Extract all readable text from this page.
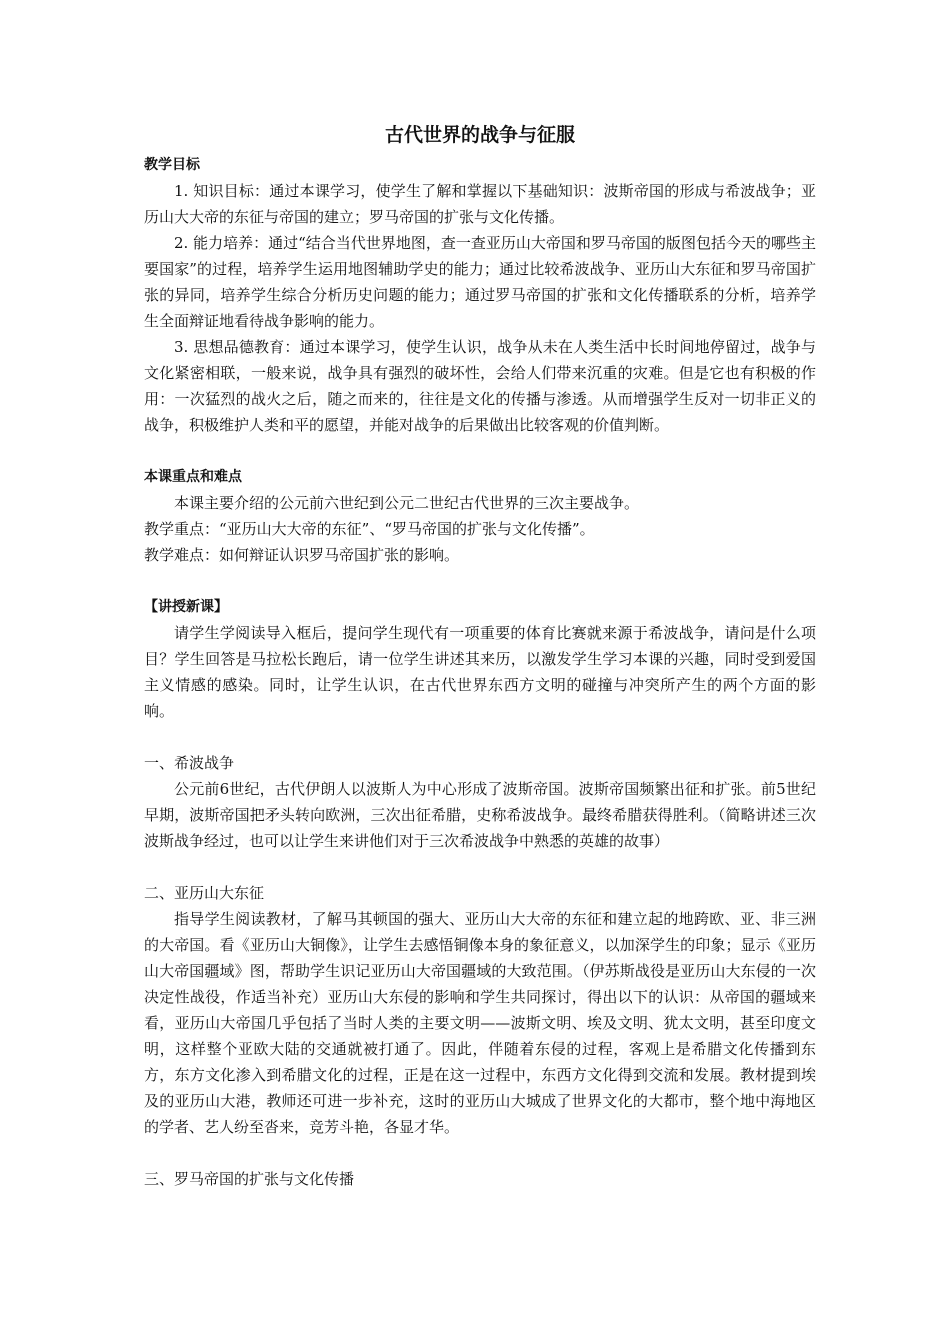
古代世界的战争与征服
教学目标

1. 知识目标：通过本课学习，使学生了解和掌握以下基础知识：波斯帝国的形成与希波战争；亚历山大大帝的东征与帝国的建立；罗马帝国的扩张与文化传播。

2. 能力培养：通过“结合当代世界地图，查一查亚历山大帝国和罗马帝国的版图包括今天的哪些主要国家”的过程，培养学生运用地图辅助学史的能力；通过比较希波战争、亚历山大东征和罗马帝国扩张的异同，培养学生综合分析历史问题的能力；通过罗马帝国的扩张和文化传播联系的分析，培养学生全面辩证地看待战争影响的能力。

3. 思想品德教育：通过本课学习，使学生认识，战争从未在人类生活中长时间地停留过，战争与文化紧密相联，一般来说，战争具有强烈的破坏性，会给人们带来沉重的灾难。但是它也有积极的作用：一次猛烈的战火之后，随之而来的，往往是文化的传播与渗透。从而增强学生反对一切非正义的战争，积极维护人类和平的愿望，并能对战争的后果做出比较客观的价值判断。

本课重点和难点

本课主要介绍的公元前六世纪到公元二世纪古代世界的三次主要战争。

教学重点：“亚历山大大帝的东征”、“罗马帝国的扩张与文化传播”。

教学难点：如何辩证认识罗马帝国扩张的影响。

【讲授新课】

请学生学阅读导入框后，提问学生现代有一项重要的体育比赛就来源于希波战争，请问是什么项目？学生回答是马拉松长跑后，请一位学生讲述其来历，以激发学生学习本课的兴趣，同时受到爱国主义情感的感染。同时，让学生认识，在古代世界东西方文明的碰撞与冲突所产生的两个方面的影响。

一、希波战争

公元前6世纪，古代伊朗人以波斯人为中心形成了波斯帝国。波斯帝国频繁出征和扩张。前5世纪早期，波斯帝国把矛头转向欧洲，三次出征希腊，史称希波战争。最终希腊获得胜利。（简略讲述三次波斯战争经过，也可以让学生来讲他们对于三次希波战争中熟悉的英雄的故事）

二、亚历山大东征

指导学生阅读教材，了解马其顿国的强大、亚历山大大帝的东征和建立起的地跨欧、亚、非三洲的大帝国。看《亚历山大铜像》，让学生去感悟铜像本身的象征意义，以加深学生的印象；显示《亚历山大帝国疆域》图，帮助学生识记亚历山大帝国疆域的大致范围。（伊苏斯战役是亚历山大东侵的一次决定性战役，作适当补充）亚历山大东侵的影响和学生共同探讨，得出以下的认识：从帝国的疆域来看，亚历山大帝国几乎包括了当时人类的主要文明——波斯文明、埃及文明、犹太文明，甚至印度文明，这样整个亚欧大陆的交通就被打通了。因此，伴随着东侵的过程，客观上是希腊文化传播到东方，东方文化渗入到希腊文化的过程，正是在这一过程中，东西方文化得到交流和发展。教材提到埃及的亚历山大港，教师还可进一步补充，这时的亚历山大城成了世界文化的大都市，整个地中海地区的学者、艺人纷至沓来，竞芳斗艳，各显才华。

三、罗马帝国的扩张与文化传播
